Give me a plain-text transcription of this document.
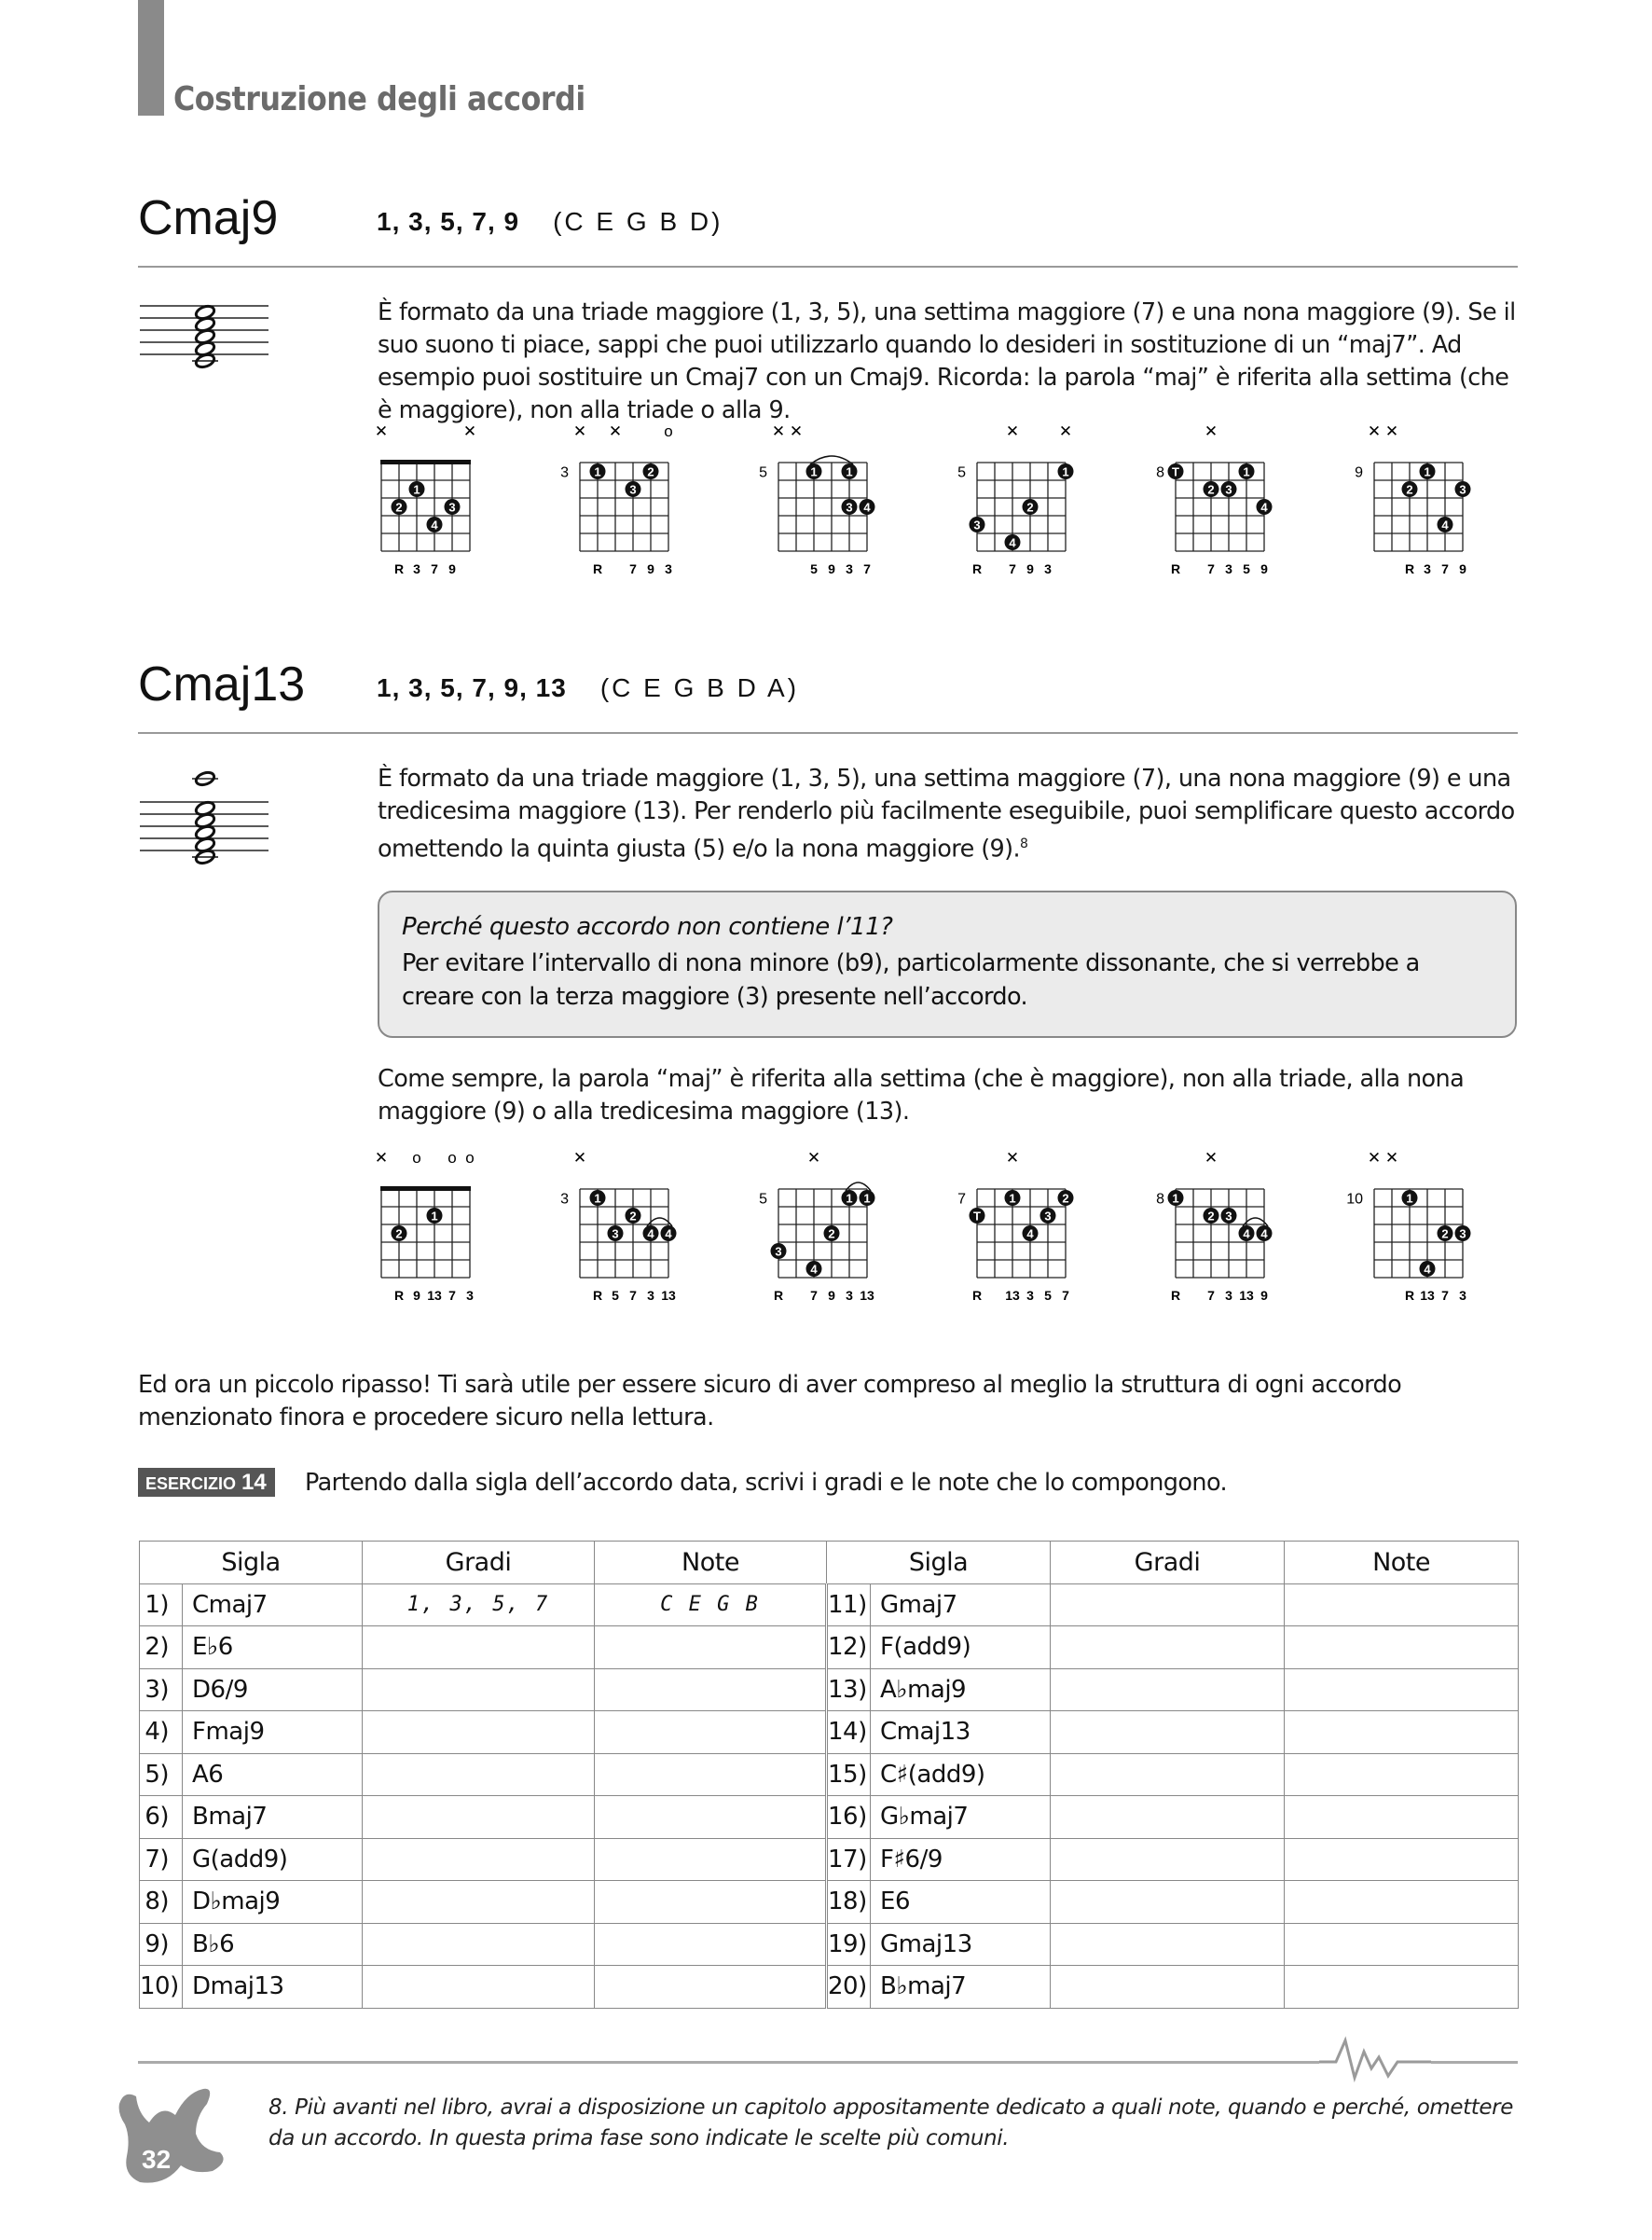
Costruzione degli accordi
Cmaj9	1, 3, 5, 7, 9 (C E G B D)
È formato da una triade maggiore (1, 3, 5), una settima maggiore (7) e una nona maggiore (9). Se il suo suono ti piace, sappi che puoi utilizzarlo quando lo desideri in sostituzione di un “maj7”. Ad esempio puoi sostituire un Cmaj7 con un Cmaj9. Ricorda: la parola “maj” è riferita alla settima (che è maggiore), non alla triade o alla 9.
✕	✕
1
2	3
4
R 3 7 9
✕ ✕	o
3 1	2
3
R 7 9 3
✕ ✕
5	1 1
3 4
5 9 3 7
✕	✕
5	1
2
3
4
R 7 9 3
✕
8 T	1
2 3
4
R 7 3 5 9
✕ ✕
9	1
2	3
4
R 3 7 9
Cmaj13	1, 3, 5, 7, 9, 13 (C E G B D A)
È formato da una triade maggiore (1, 3, 5), una settima maggiore (7), una nona maggiore (9) e una tredicesima maggiore (13). Per renderlo più facilmente eseguibile, puoi semplificare questo accordo omettendo la quinta giusta (5) e/o la nona maggiore (9).$^8$
Perché questo accordo non contiene l’11?
Per evitare l’intervallo di nona minore (b9), particolarmente dissonante, che si verrebbe a creare con la terza maggiore (3) presente nell’accordo.
Come sempre, la parola “maj” è riferita alla settima (che è maggiore), non alla triade, alla nona maggiore (9) o alla tredicesima maggiore (13).
✕ o o o
1
2
R 9 13 7 3
✕
3 1
2
3 4 4
R 5 7 3 13
✕
5	1 1
2
3
4
R 7 9 3 13
✕
7	1	2
T	3
4
R 13 3 5 7
✕
8 1
2 3
4 4
R 7 3 13 9
✕ ✕
10	1
2 3
4
R 13 7 3
Ed ora un piccolo ripasso! Ti sarà utile per essere sicuro di aver compreso al meglio la struttura di ogni accordo menzionato finora e procedere sicuro nella lettura.
ESERCIZIO 14	Partendo dalla sigla dell’accordo data, scrivi i gradi e le note che lo compongono.
Sigla		Gradi	Note	Sigla		Gradi	Note
1)	Cmaj7	1, 3, 5, 7	C E G B	11)	Gmaj7		
2)	E♭6			12)	F(add9)		
3)	D6/9			13)	A♭maj9		
4)	Fmaj9			14)	Cmaj13		
5)	A6			15)	C♯(add9)		
6)	Bmaj7			16)	G♭maj7		
7)	G(add9)			17)	F♯6/9		
8)	D♭maj9			18)	E6		
9)	B♭6			19)	Gmaj13		
10)	Dmaj13			20)	B♭maj7		
32
8. Più avanti nel libro, avrai a disposizione un capitolo appositamente dedicato a quali note, quando e perché, omettere da un accordo. In questa prima fase sono indicate le scelte più comuni.
